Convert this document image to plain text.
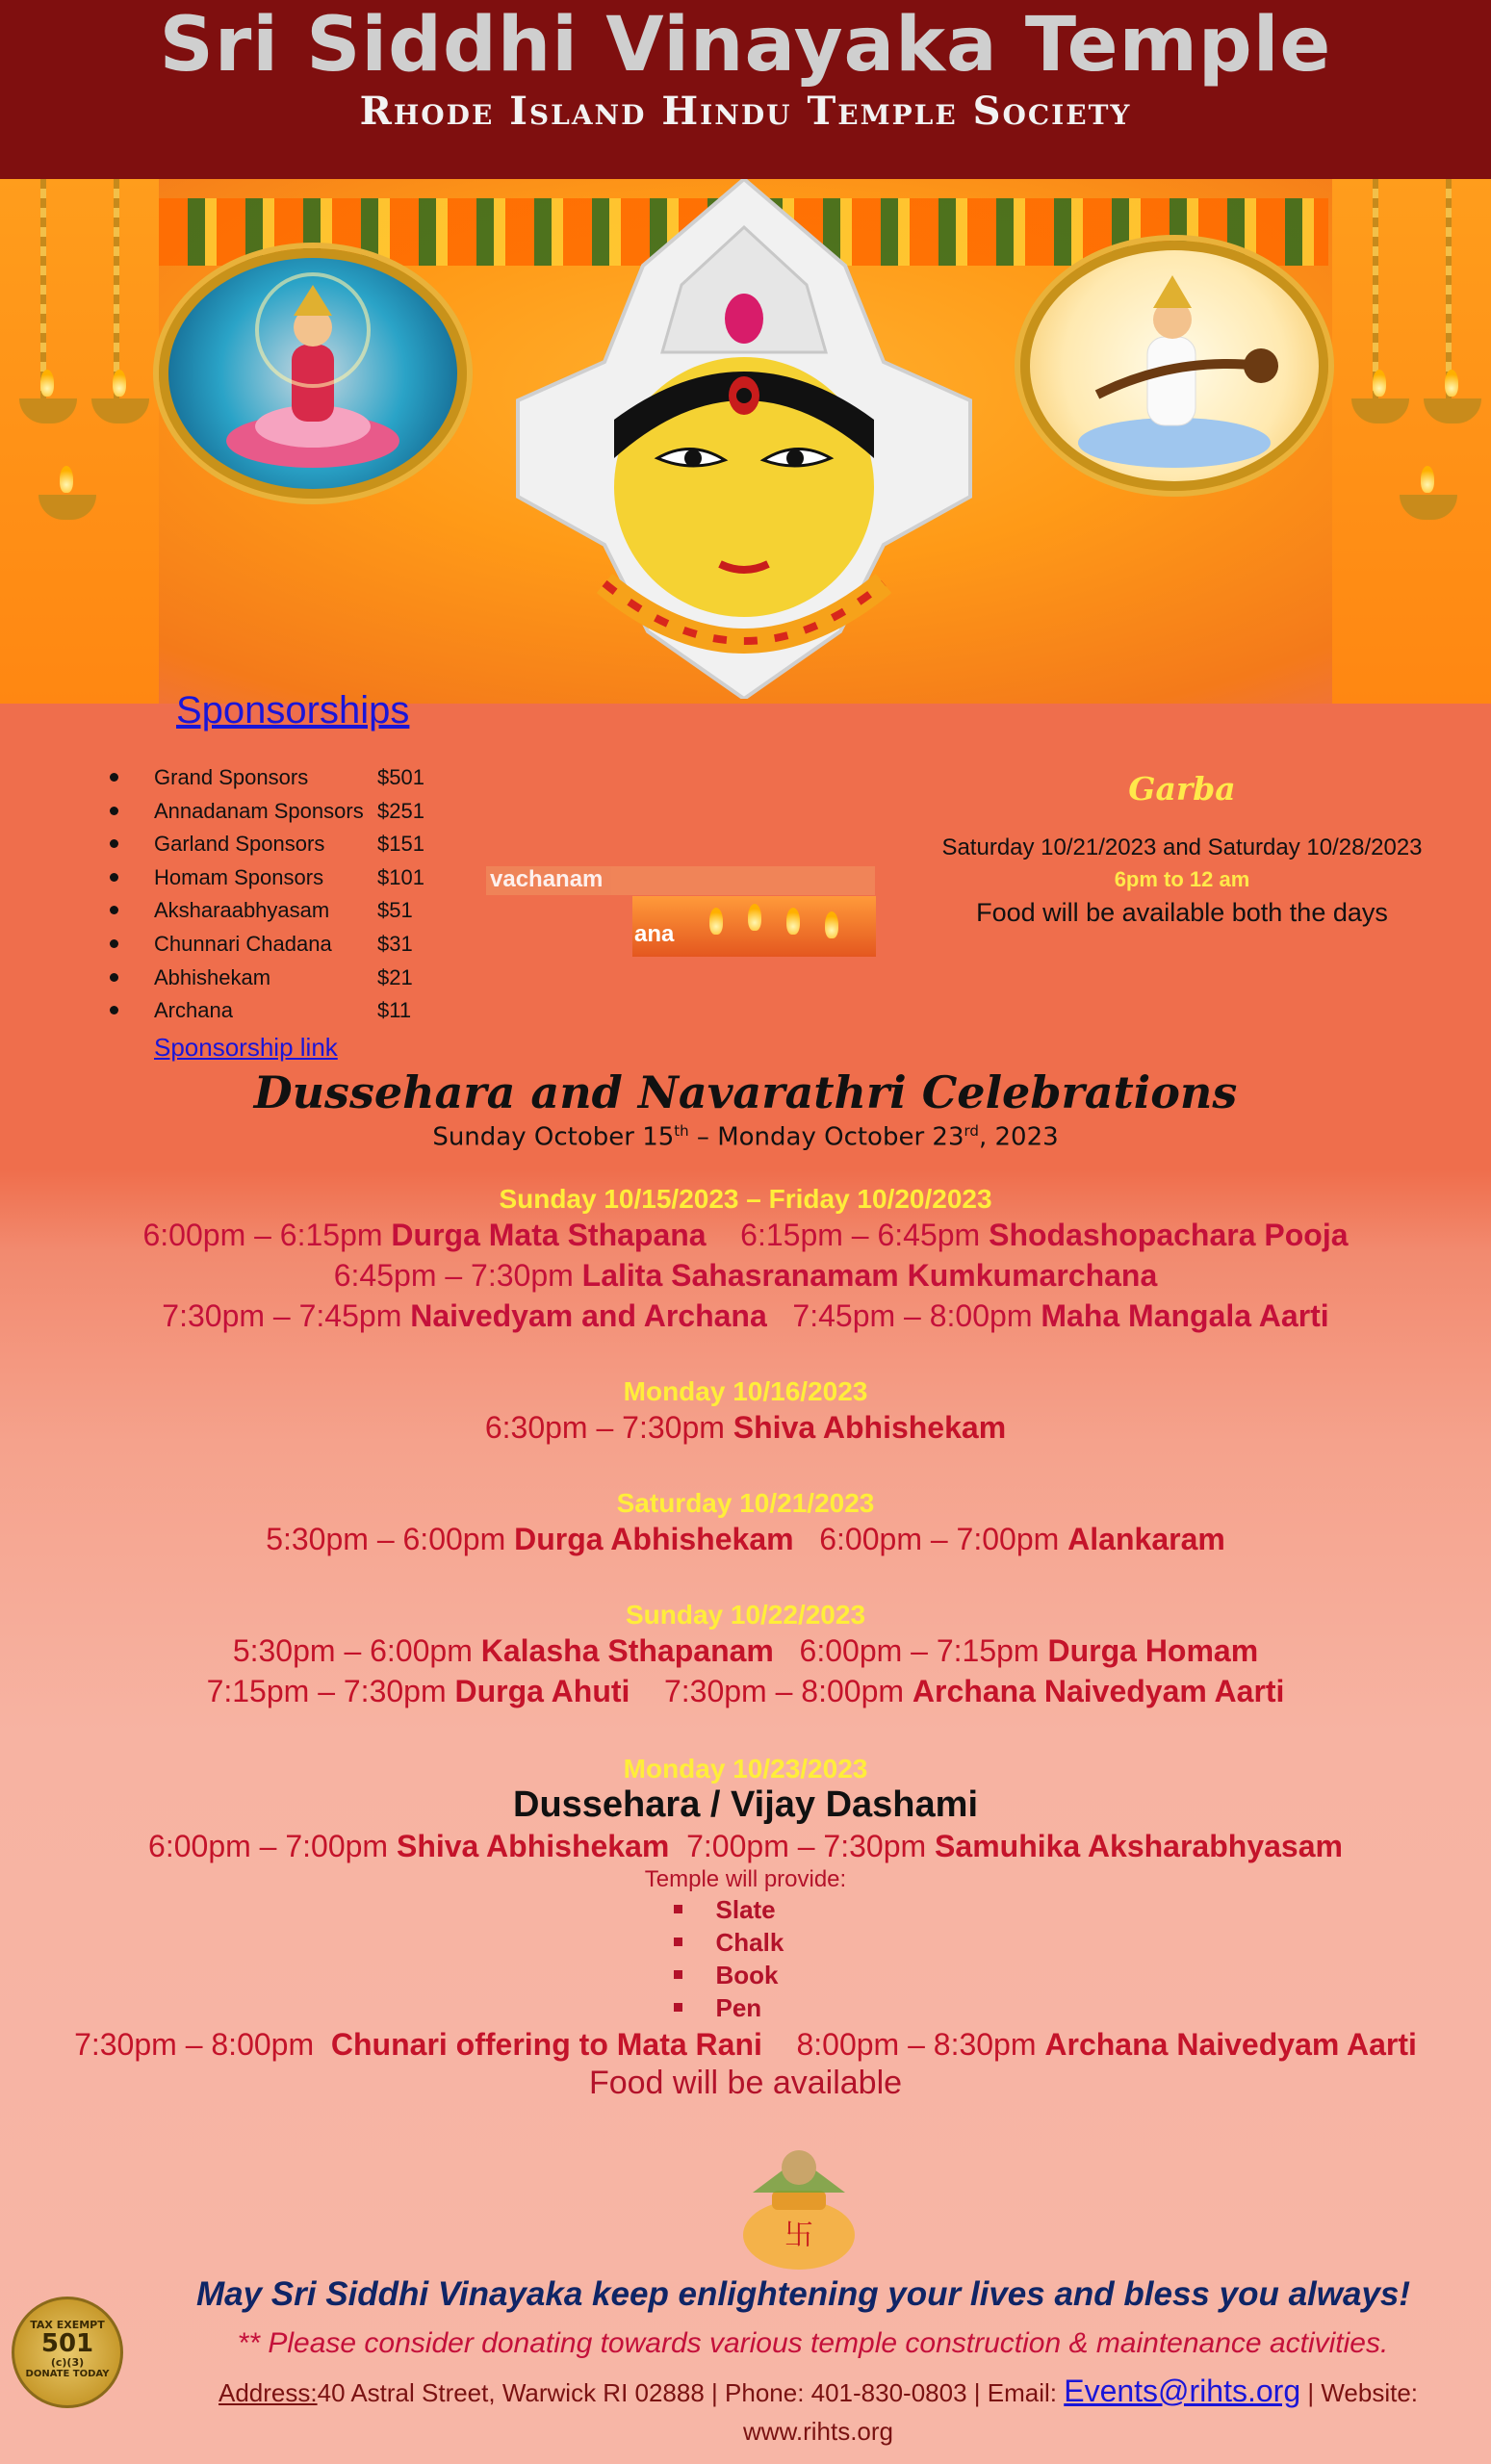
Sri Siddhi Vinayaka Temple
Rhode Island Hindu Temple Society
vachanam
ana
Sponsorships
Grand Sponsors	$501
Annadanam Sponsors $251
Garland Sponsors $151
Homam Sponsors	$101
Aksharaabhyasam $51
Chunnari Chadana $31
Abhishekam	$21
Archana	$11
Sponsorship link
Garba
Saturday 10/21/2023 and Saturday 10/28/2023
6pm to 12 am
Food will be available both the days
Dussehara and Navarathri Celebrations
Sunday October 15th – Monday October 23rd, 2023
Sunday 10/15/2023 – Friday 10/20/2023
6:00pm – 6:15pm Durga Mata Sthapana 6:15pm – 6:45pm Shodashopachara Pooja
6:45pm – 7:30pm Lalita Sahasranamam Kumkumarchana
7:30pm – 7:45pm Naivedyam and Archana 7:45pm – 8:00pm Maha Mangala Aarti
Monday 10/16/2023
6:30pm – 7:30pm Shiva Abhishekam
Saturday 10/21/2023
5:30pm – 6:00pm Durga Abhishekam 6:00pm – 7:00pm Alankaram
Sunday 10/22/2023
5:30pm – 6:00pm Kalasha Sthapanam 6:00pm – 7:15pm Durga Homam
7:15pm – 7:30pm Durga Ahuti 7:30pm – 8:00pm Archana Naivedyam Aarti
Monday 10/23/2023
Dussehara / Vijay Dashami
6:00pm – 7:00pm Shiva Abhishekam 7:00pm – 7:30pm Samuhika Aksharabhyasam
Temple will provide:
Slate
Chalk
Book
Pen
7:30pm – 8:00pm Chunari offering to Mata Rani 8:00pm – 8:30pm Archana Naivedyam Aarti
Food will be available
卐
TAX EXEMPT
501
(c)(3)
DONATE TODAY
May Sri Siddhi Vinayaka keep enlightening your lives and bless you always!
** Please consider donating towards various temple construction & maintenance activities.
Address:40 Astral Street, Warwick RI 02888 | Phone: 401-830-0803 | Email: Events@rihts.org | Website:
www.rihts.org
